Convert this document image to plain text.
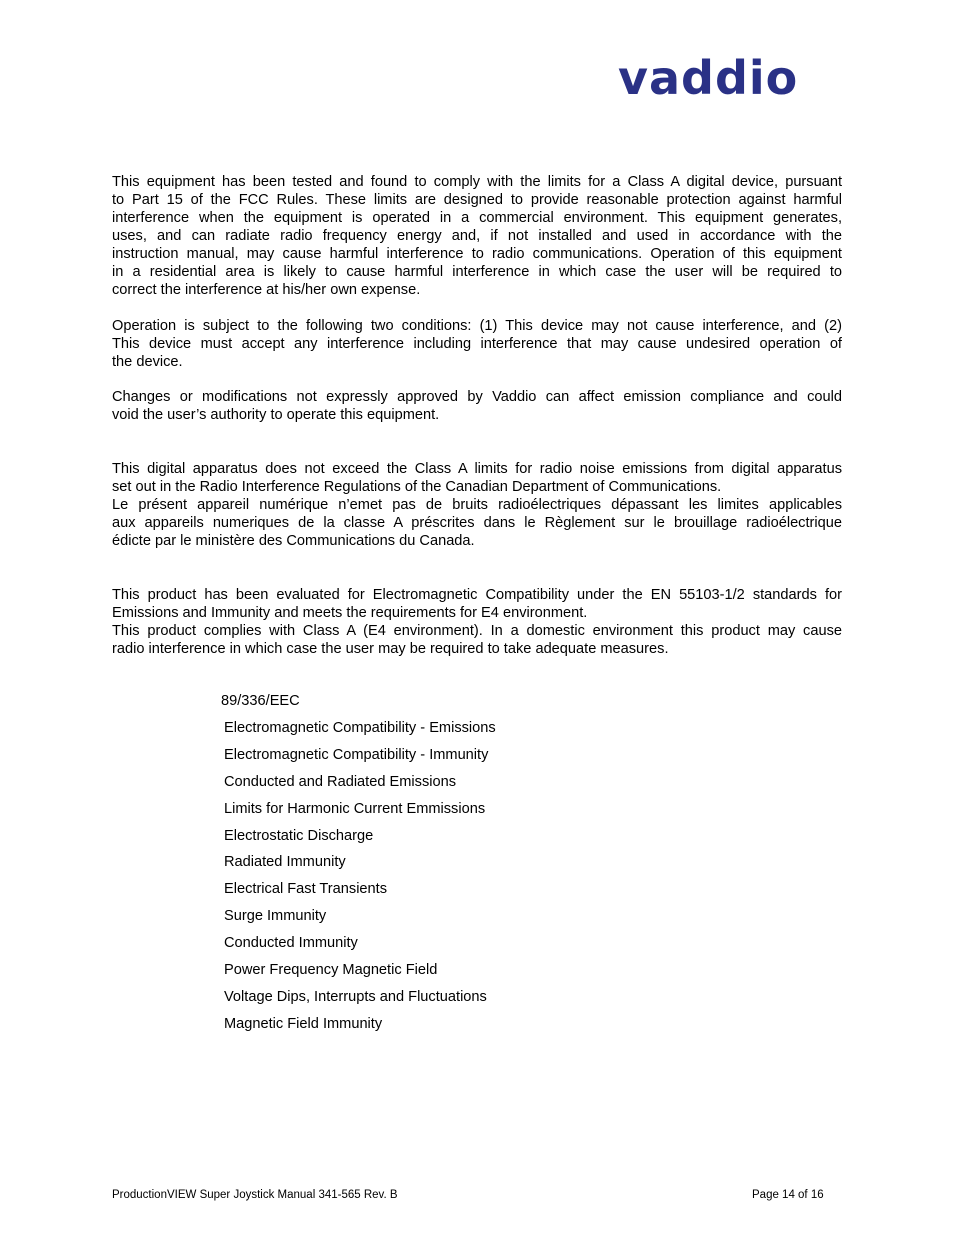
vaddio
This equipment has been tested and found to comply with the limits for a Class A digital device, pursuant
to Part 15 of the FCC Rules. These limits are designed to provide reasonable protection against harmful
interference when the equipment is operated in a commercial environment. This equipment generates,
uses, and can radiate radio frequency energy and, if not installed and used in accordance with the
instruction manual, may cause harmful interference to radio communications. Operation of this equipment
in a residential area is likely to cause harmful interference in which case the user will be required to
correct the interference at his/her own expense.
Operation is subject to the following two conditions: (1) This device may not cause interference, and (2)
This device must accept any interference including interference that may cause undesired operation of
the device.
Changes or modifications not expressly approved by Vaddio can affect emission compliance and could
void the user’s authority to operate this equipment.
This digital apparatus does not exceed the Class A limits for radio noise emissions from digital apparatus
set out in the Radio Interference Regulations of the Canadian Department of Communications.
Le présent appareil numérique n’emet pas de bruits radioélectriques dépassant les limites applicables
aux appareils numeriques de la classe A préscrites dans le Règlement sur le brouillage radioélectrique
édicte par le ministère des Communications du Canada.
This product has been evaluated for Electromagnetic Compatibility under the EN 55103-1/2 standards for
Emissions and Immunity and meets the requirements for E4 environment.
This product complies with Class A (E4 environment). In a domestic environment this product may cause
radio interference in which case the user may be required to take adequate measures.
89/336/EEC
Electromagnetic Compatibility - Emissions
Electromagnetic Compatibility - Immunity
Conducted and Radiated Emissions
Limits for Harmonic Current Emmissions
Electrostatic Discharge
Radiated Immunity
Electrical Fast Transients
Surge Immunity
Conducted Immunity
Power Frequency Magnetic Field
Voltage Dips, Interrupts and Fluctuations
Magnetic Field Immunity
ProductionVIEW Super Joystick Manual 341-565 Rev. B	Page 14 of 16
